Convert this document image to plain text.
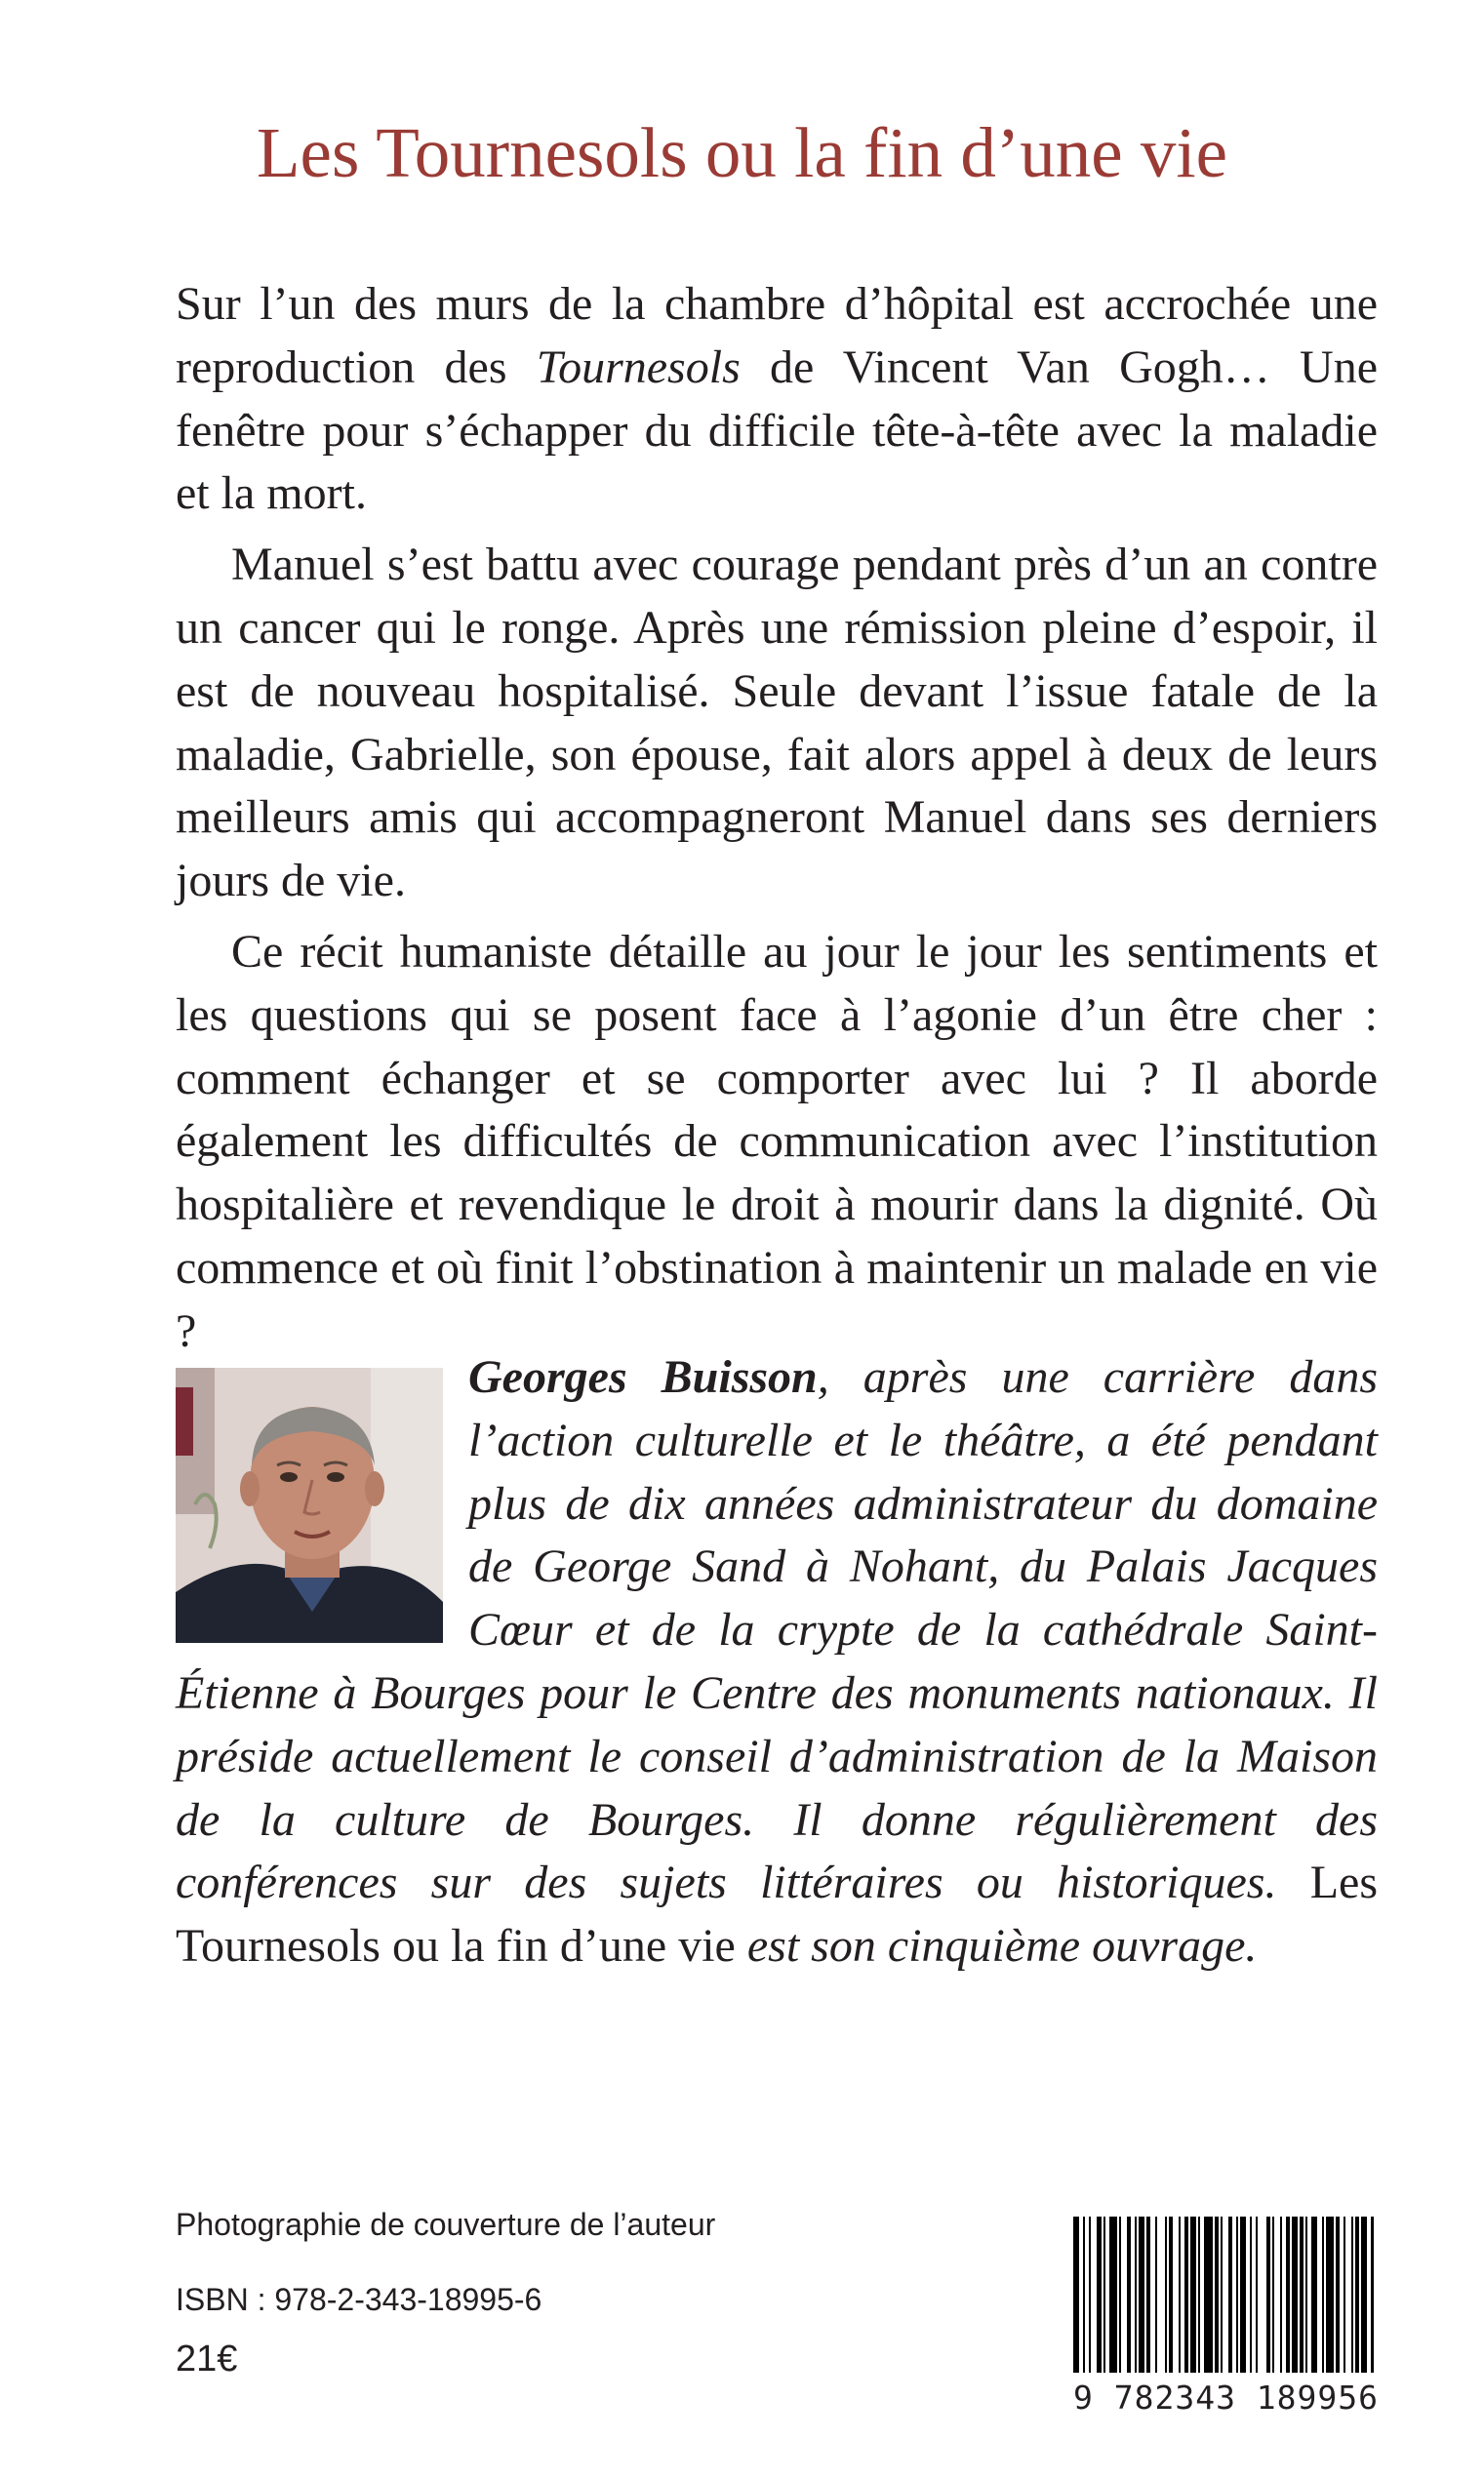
Les Tournesols ou la fin d’une vie

Sur l’un des murs de la chambre d’hôpital est accrochée une reproduction des Tournesols de Vincent Van Gogh… Une fenêtre pour s’échapper du difficile tête-à-tête avec la maladie et la mort.

Manuel s’est battu avec courage pendant près d’un an contre un cancer qui le ronge. Après une rémission pleine d’espoir, il est de nouveau hospitalisé. Seule devant l’issue fatale de la maladie, Gabrielle, son épouse, fait alors appel à deux de leurs meilleurs amis qui accompagneront Manuel dans ses derniers jours de vie.

Ce récit humaniste détaille au jour le jour les sentiments et les questions qui se posent face à l’agonie d’un être cher : comment échanger et se comporter avec lui ? Il aborde également les difficultés de communication avec l’institution hospitalière et revendique le droit à mourir dans la dignité. Où commence et où finit l’obstination à maintenir un malade en vie ?

Georges Buisson, après une carrière dans l’action culturelle et le théâtre, a été pendant plus de dix années administrateur du domaine de George Sand à Nohant, du Palais Jacques Cœur et de la crypte de la cathédrale Saint-Étienne à Bourges pour le Centre des monuments nationaux. Il préside actuellement le conseil d’administration de la Maison de la culture de Bourges. Il donne régulièrement des conférences sur des sujets littéraires ou historiques. Les Tournesols ou la fin d’une vie est son cinquième ouvrage.
Photographie de couverture de l’auteur
ISBN : 978-2-343-18995-6
21€
9 782343 189956
